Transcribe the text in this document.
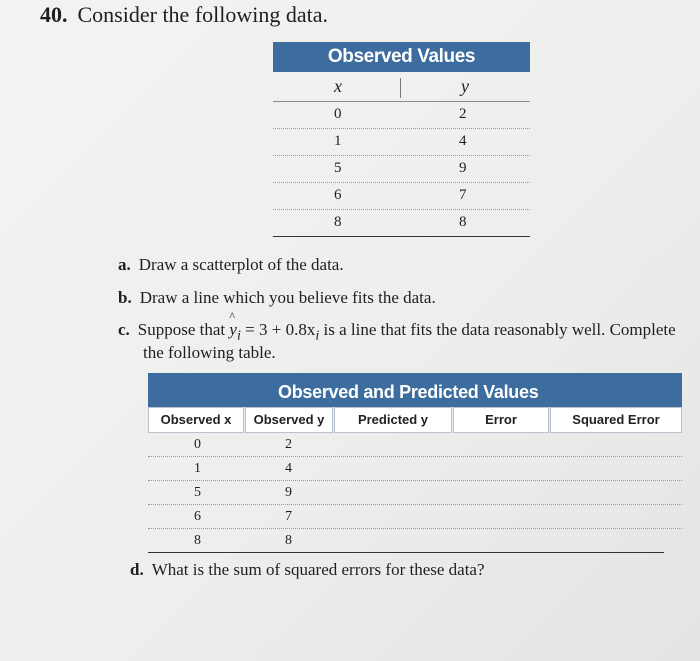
40. Consider the following data.
Observed Values
x	y
0	2
1	4
5	9
6	7
8	8
a. Draw a scatterplot of the data.
b. Draw a line which you believe fits the data.
c. Suppose that ^ $y_i = 3 + 0.8x_i$ is a line that fits the data reasonably well. Complete
the following table.
Observed and Predicted Values
Observed x	Observed y	Predicted y	Error	Squared Error
0	2
1	4
5	9
6	7
8	8
d. What is the sum of squared errors for these data?
